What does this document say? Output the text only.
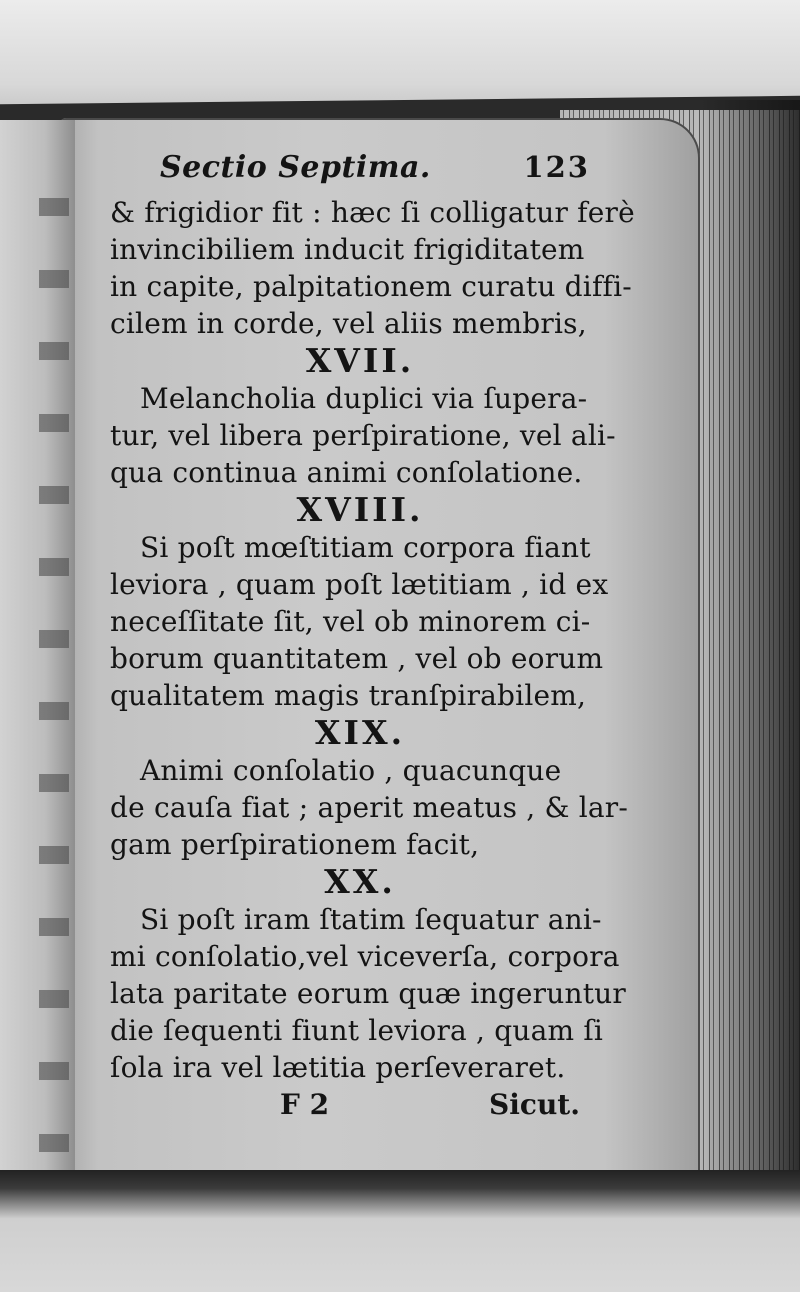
Sectio Septima.	123
& frigidior fit : hæc ſi colligatur ferè
invincibiliem inducit frigiditatem
in capite, palpitationem curatu diffi-
cilem in corde, vel aliis membris,
XVII.
Melancholia duplici via ſupera-
tur, vel libera perſpiratione, vel ali-
qua continua animi conſolatione.
XVIII.
Si poſt mœſtitiam corpora fiant
leviora , quam poſt lætitiam , id ex
neceſſitate ſit, vel ob minorem ci-
borum quantitatem , vel ob eorum
qualitatem magis tranſpirabilem,
XIX.
Animi conſolatio , quacunque
de cauſa fiat ; aperit meatus , & lar-
gam perſpirationem facit,
XX.
Si poſt iram ſtatim ſequatur ani-
mi conſolatio,vel viceverſa, corpora
lata paritate eorum quæ ingeruntur
die ſequenti fiunt leviora , quam ſi
ſola ira vel lætitia perſeveraret.
F 2	Sicut.
